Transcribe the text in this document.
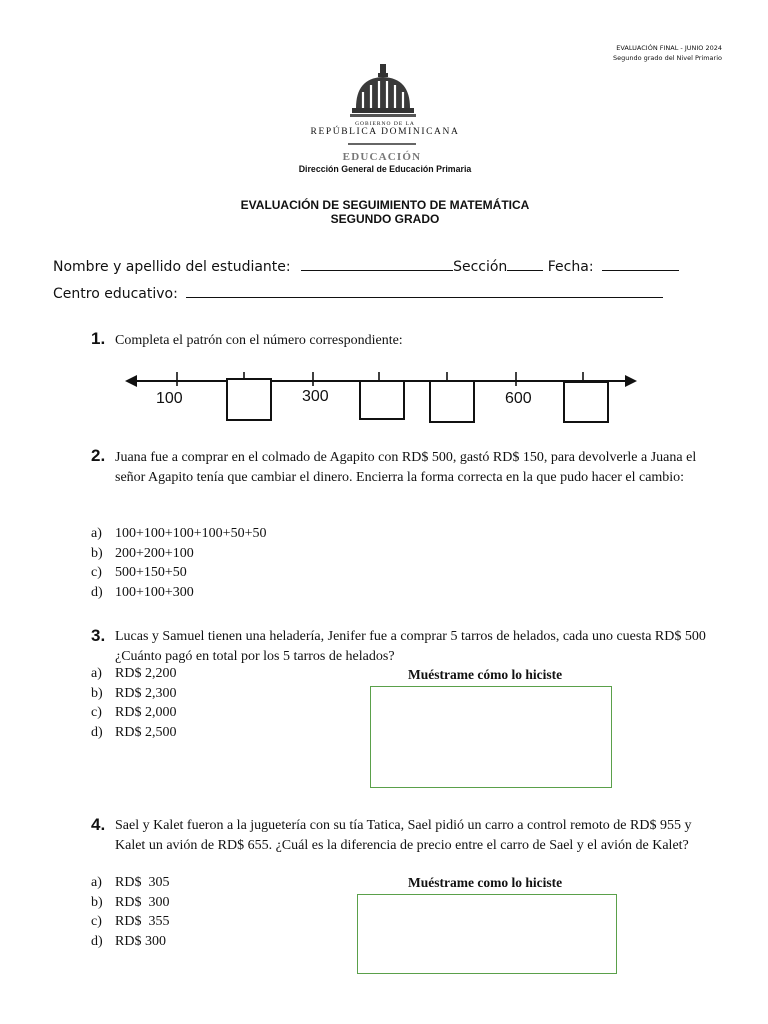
EVALUACIÓN FINAL - JUNIO 2024
Segundo grado del Nivel Primario
GOBIERNO DE LA
REPÚBLICA DOMINICANA
EDUCACIÓN
Dirección General de Educación Primaria
EVALUACIÓN DE SEGUIMIENTO DE MATEMÁTICA
SEGUNDO GRADO
Nombre y apellido del estudiante:	Sección	Fecha:
Centro educativo:
1. Completa el patrón con el número correspondiente:
100	300	600
2. Juana fue a comprar en el colmado de Agapito con RD$ 500, gastó RD$ 150, para devolverle a Juana el señor Agapito tenía que cambiar el dinero. Encierra la forma correcta en la que pudo hacer el cambio:
a) 100+100+100+100+50+50
b) 200+200+100
c) 500+150+50
d) 100+100+300
3. Lucas y Samuel tienen una heladería, Jenifer fue a comprar 5 tarros de helados, cada uno cuesta RD$ 500 ¿Cuánto pagó en total por los 5 tarros de helados?
Muéstrame cómo lo hiciste
a) RD$ 2,200
b) RD$ 2,300
c) RD$ 2,000
d) RD$ 2,500
4. Sael y Kalet fueron a la juguetería con su tía Tatica, Sael pidió un carro a control remoto de RD$ 955 y Kalet un avión de RD$ 655. ¿Cuál es la diferencia de precio entre el carro de Sael y el avión de Kalet?
Muéstrame como lo hiciste
a) RD$  305
b) RD$  300
c) RD$  355
d) RD$ 300
